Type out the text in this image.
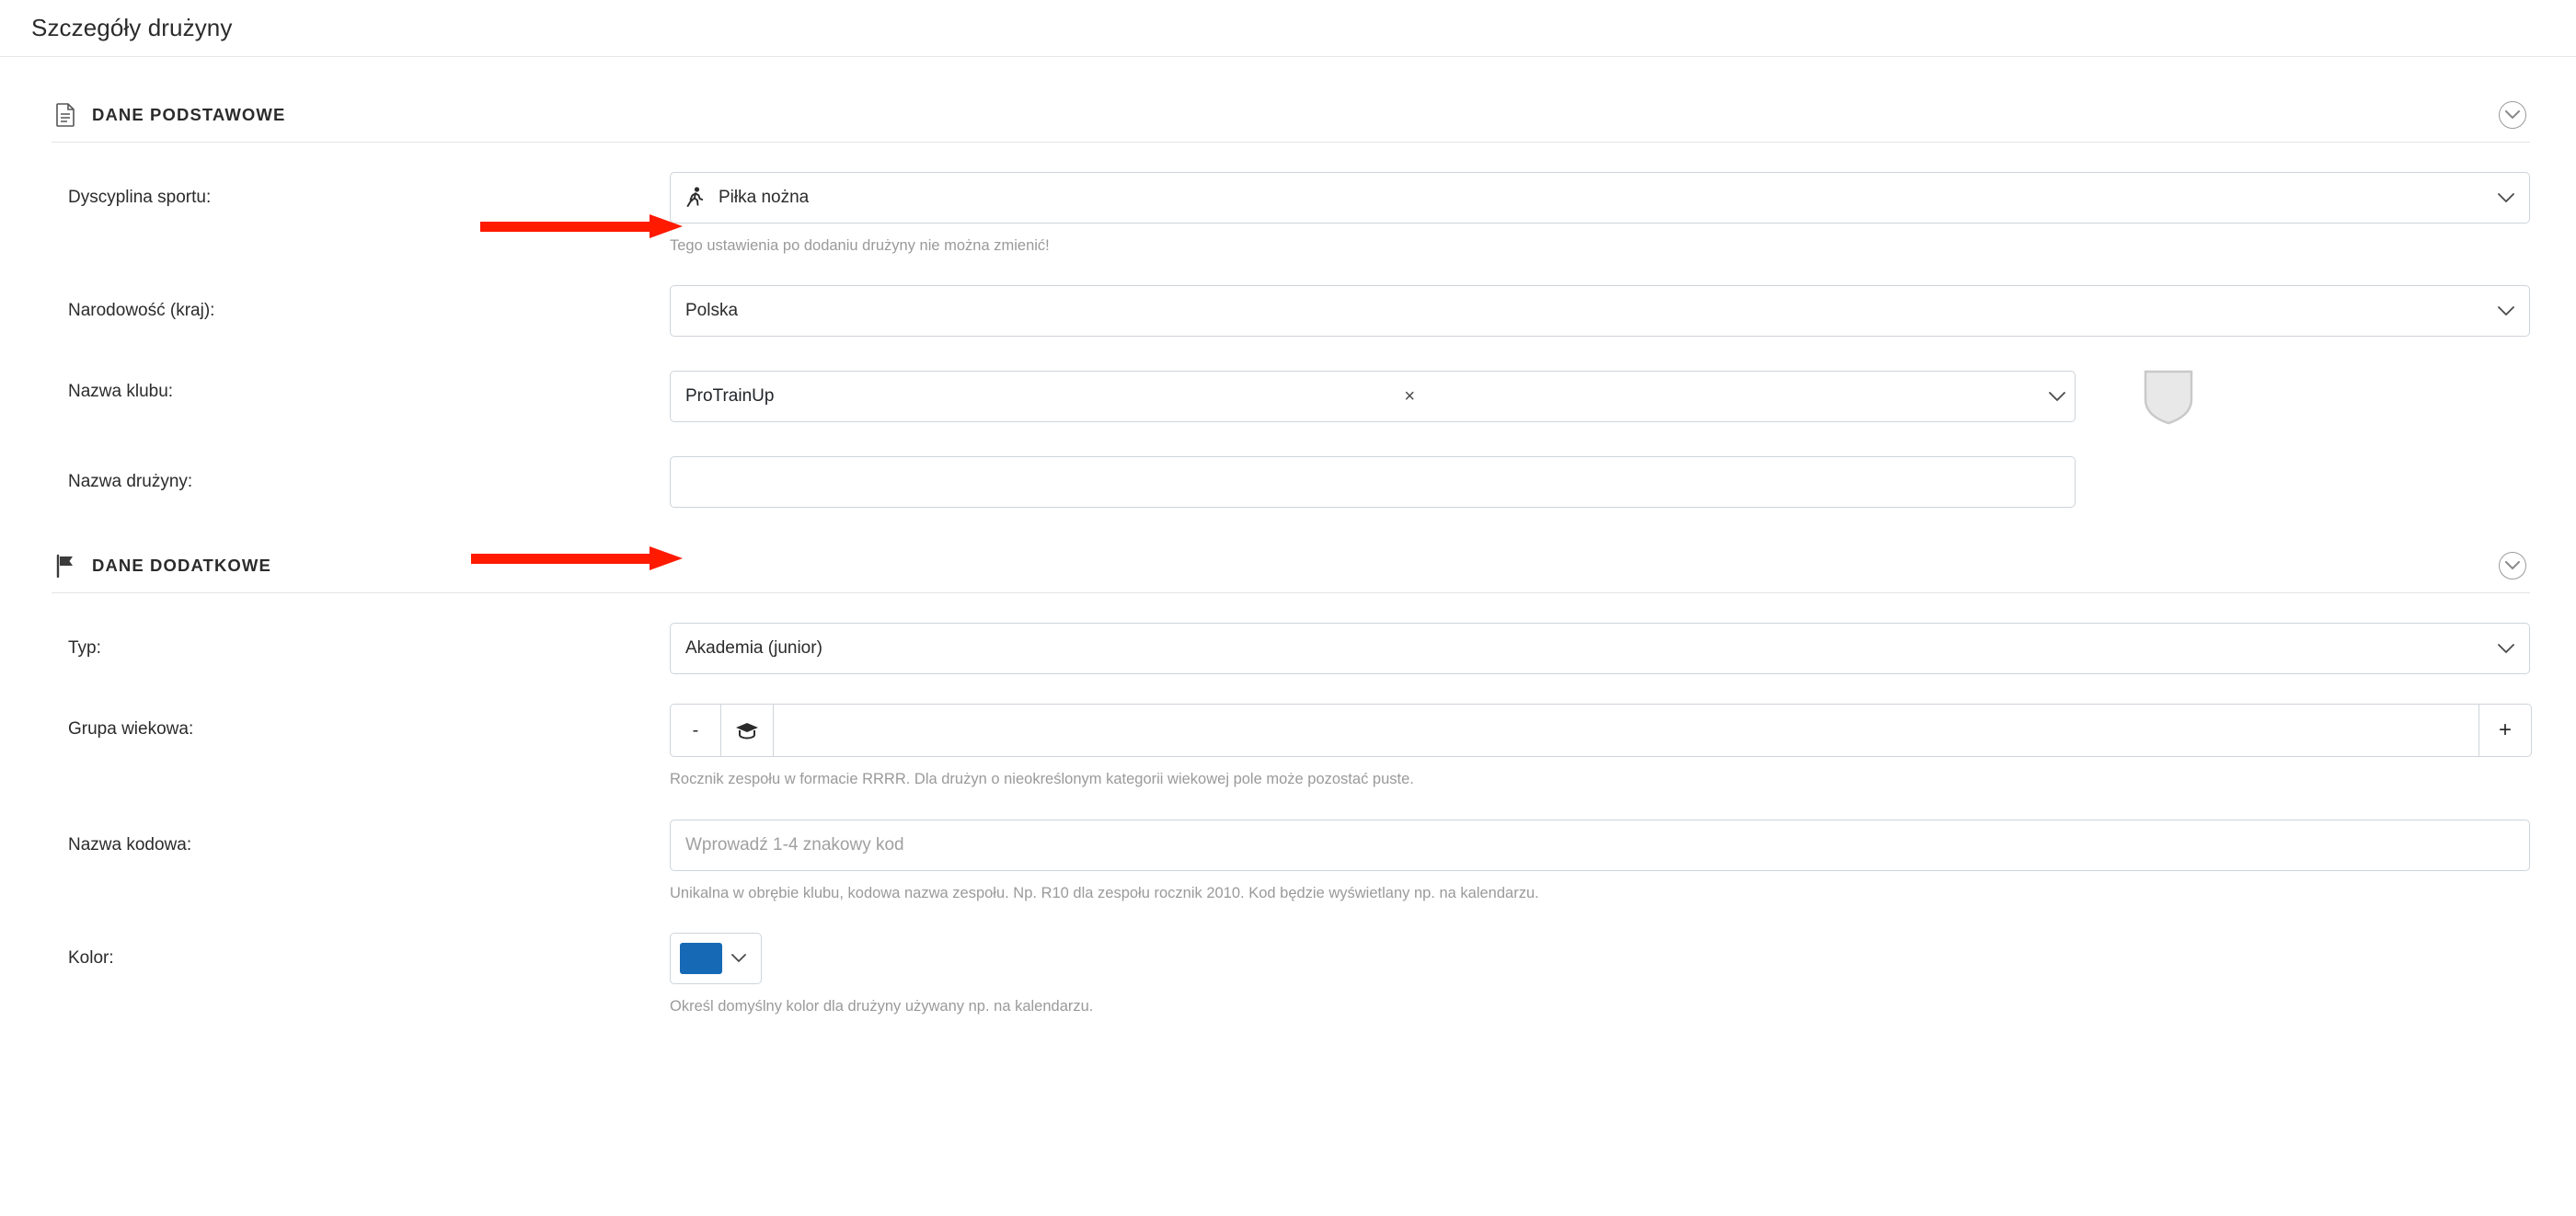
Szczegóły drużyny
DANE PODSTAWOWE
Dyscyplina sportu:	Piłka nożna
Tego ustawienia po dodaniu drużyny nie można zmienić!
Narodowość (kraj):	Polska
Nazwa klubu:	ProTrainUp	×
Nazwa drużyny:
DANE DODATKOWE
Typ:	Akademia (junior)
Grupa wiekowa:	-	+
Rocznik zespołu w formacie RRRR. Dla drużyn o nieokreślonym kategorii wiekowej pole może pozostać puste.
Nazwa kodowa:	Wprowadź 1-4 znakowy kod
Unikalna w obrębie klubu, kodowa nazwa zespołu. Np. R10 dla zespołu rocznik 2010. Kod będzie wyświetlany np. na kalendarzu.
Kolor:
Określ domyślny kolor dla drużyny używany np. na kalendarzu.
